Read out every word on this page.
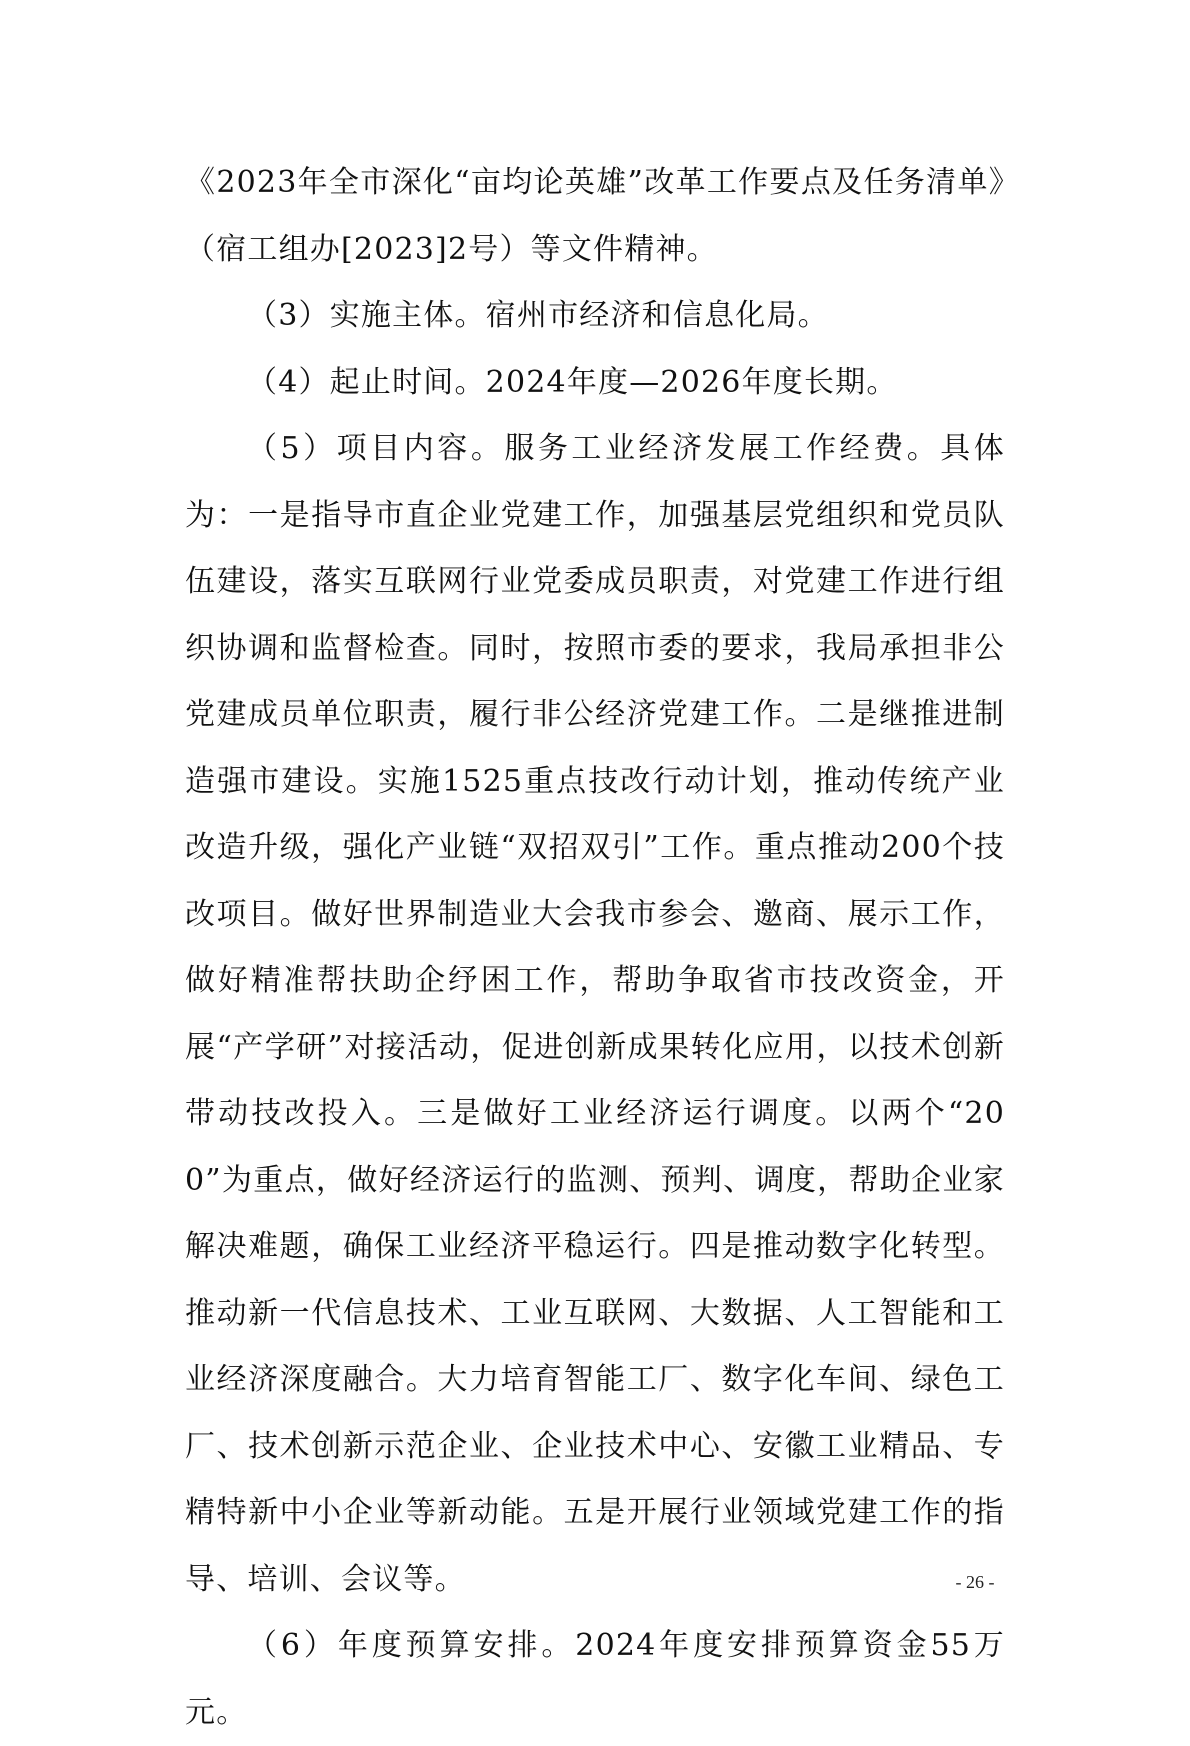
《2023年全市深化“亩均论英雄”改革工作要点及任务清单》（宿工组办[2023]2号）等文件精神。

（3）实施主体。宿州市经济和信息化局。

（4）起止时间。2024年度—2026年度长期。

（5）项目内容。服务工业经济发展工作经费。具体为：一是指导市直企业党建工作，加强基层党组织和党员队伍建设，落实互联网行业党委成员职责，对党建工作进行组织协调和监督检查。同时，按照市委的要求，我局承担非公党建成员单位职责，履行非公经济党建工作。二是继推进制造强市建设。实施1525重点技改行动计划，推动传统产业改造升级，强化产业链“双招双引”工作。重点推动200个技改项目。做好世界制造业大会我市参会、邀商、展示工作，做好精准帮扶助企纾困工作，帮助争取省市技改资金，开展“产学研”对接活动，促进创新成果转化应用，以技术创新带动技改投入。三是做好工业经济运行调度。以两个“200”为重点，做好经济运行的监测、预判、调度，帮助企业家解决难题，确保工业经济平稳运行。四是推动数字化转型。推动新一代信息技术、工业互联网、大数据、人工智能和工业经济深度融合。大力培育智能工厂、数字化车间、绿色工厂、技术创新示范企业、企业技术中心、安徽工业精品、专精特新中小企业等新动能。五是开展行业领域党建工作的指导、培训、会议等。

（6）年度预算安排。2024年度安排预算资金55万元。

- 26 -
